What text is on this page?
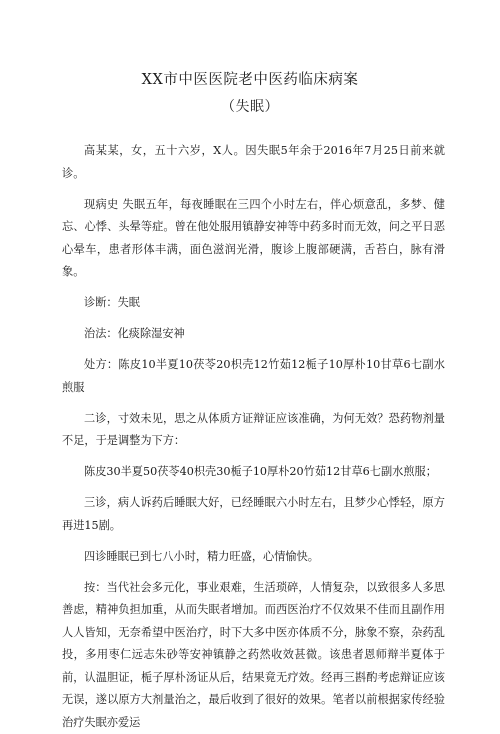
XX市中医医院老中医药临床病案
（失眠）

高某某，女，五十六岁，X人。因失眠5年余于2016年7月25日前来就诊。

现病史 失眠五年，每夜睡眠在三四个小时左右，伴心烦意乱，多梦、健忘、心悸、头晕等症。曾在他处服用镇静安神等中药多时而无效，问之平日恶心晕车，患者形体丰满，面色滋润光滑，腹诊上腹部硬满，舌苔白，脉有滑象。

诊断：失眠

治法：化痰除湿安神

处方：陈皮10半夏10茯苓20枳壳12竹茹12栀子10厚朴10甘草6七副水煎服

二诊，寸效未见，思之从体质方证辩证应该准确，为何无效？恐药物剂量不足，于是调整为下方：

陈皮30半夏50茯苓40枳壳30栀子10厚朴20竹茹12甘草6七副水煎服；

三诊，病人诉药后睡眠大好，已经睡眠六小时左右，且梦少心悸轻，原方再进15剧。

四诊睡眠已到七八小时，精力旺盛，心情愉快。

按：当代社会多元化，事业艰难，生活琐碎，人情复杂，以致很多人多思善虑，精神负担加重，从而失眠者增加。而西医治疗不仅效果不佳而且副作用人人皆知，无奈希望中医治疗，时下大多中医亦体质不分，脉象不察，杂药乱投，多用枣仁远志朱砂等安神镇静之药然收效甚微。该患者恩师辩半夏体于前，认温胆证，栀子厚朴汤证从后，结果竟无疗效。经再三斟酌考虑辩证应该无误，遂以原方大剂量治之，最后收到了很好的效果。笔者以前根据家传经验治疗失眠亦爱运
